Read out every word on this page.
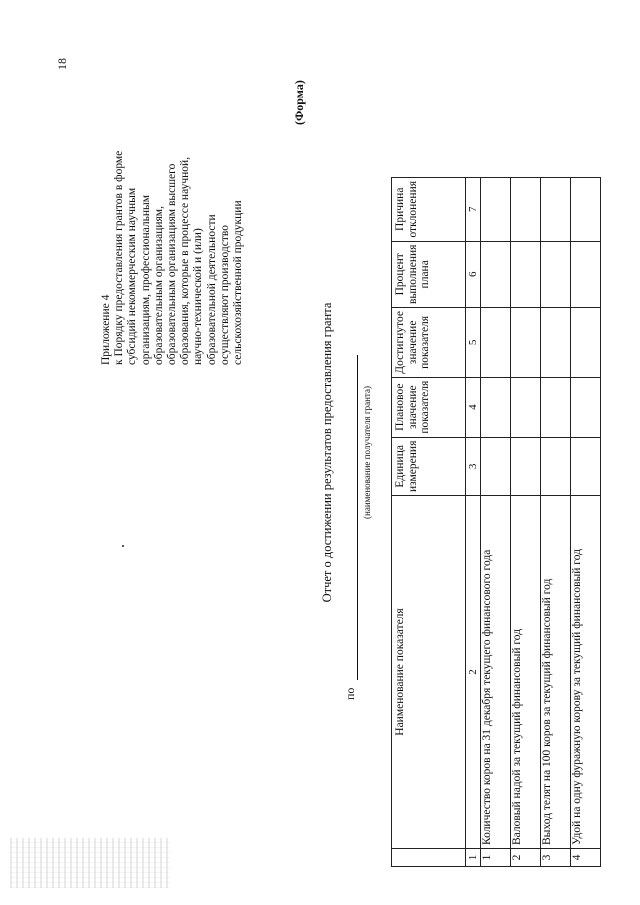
18
Приложение 4 к Порядку предоставления грантов в форме субсидий некоммерческим научным организациям, профессиональным образовательным организациям, образовательным организациям высшего образования, которые в процессе научной, научно-технической и (или) образовательной деятельности осуществляют производство сельскохозяйственной продукции
(Форма)
Отчет о достижении результатов предоставления гранта
по
(наименование получателя гранта)
	Наименование показателя	Единица измерения	Плановое значение показателя	Достигнутое значение показателя	Процент выполнения плана	Причина отклонения
1	2	3	4	5	6	7
1	Количество коров на 31 декабря текущего финансового года					
2	Валовый надой за текущий финансовый год					
3	Выход телят на 100 коров за текущий финансовый год					
4	Удой на одну фуражную корову за текущий финансовый год					
